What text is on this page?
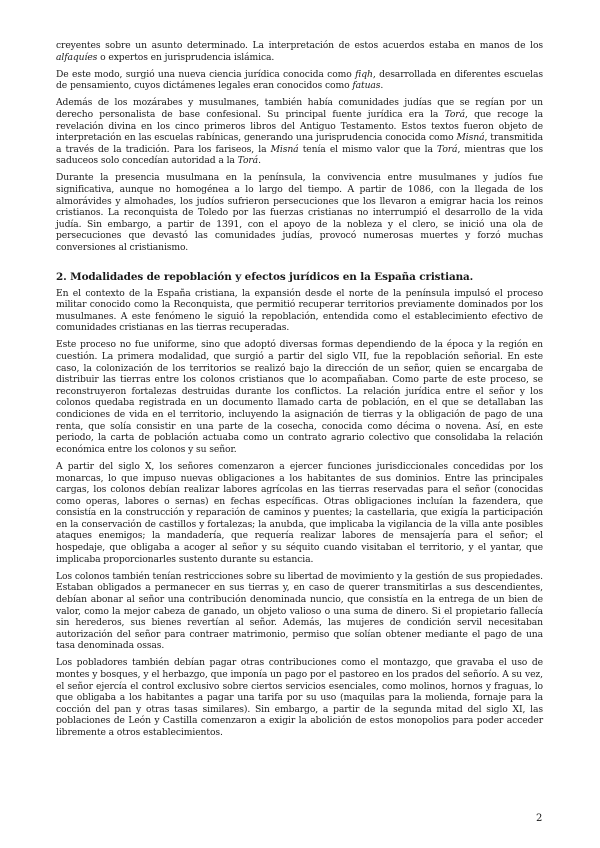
creyentes sobre un asunto determinado. La interpretación de estos acuerdos estaba en manos de los alfaquíes o expertos en jurisprudencia islámica.

De este modo, surgió una nueva ciencia jurídica conocida como fiqh, desarrollada en diferentes escuelas de pensamiento, cuyos dictámenes legales eran conocidos como fatuas.

Además de los mozárabes y musulmanes, también había comunidades judías que se regían por un derecho personalista de base confesional. Su principal fuente jurídica era la Torá, que recoge la revelación divina en los cinco primeros libros del Antiguo Testamento. Estos textos fueron objeto de interpretación en las escuelas rabínicas, generando una jurisprudencia conocida como Misná, transmitida a través de la tradición. Para los fariseos, la Misná tenía el mismo valor que la Torá, mientras que los saduceos solo concedían autoridad a la Torá.

Durante la presencia musulmana en la península, la convivencia entre musulmanes y judíos fue significativa, aunque no homogénea a lo largo del tiempo. A partir de 1086, con la llegada de los almorávides y almohades, los judíos sufrieron persecuciones que los llevaron a emigrar hacia los reinos cristianos. La reconquista de Toledo por las fuerzas cristianas no interrumpió el desarrollo de la vida judía. Sin embargo, a partir de 1391, con el apoyo de la nobleza y el clero, se inició una ola de persecuciones que devastó las comunidades judías, provocó numerosas muertes y forzó muchas conversiones al cristianismo.

2. Modalidades de repoblación y efectos jurídicos en la España cristiana.

En el contexto de la España cristiana, la expansión desde el norte de la península impulsó el proceso militar conocido como la Reconquista, que permitió recuperar territorios previamente dominados por los musulmanes. A este fenómeno le siguió la repoblación, entendida como el establecimiento efectivo de comunidades cristianas en las tierras recuperadas.

Este proceso no fue uniforme, sino que adoptó diversas formas dependiendo de la época y la región en cuestión. La primera modalidad, que surgió a partir del siglo VII, fue la repoblación señorial. En este caso, la colonización de los territorios se realizó bajo la dirección de un señor, quien se encargaba de distribuir las tierras entre los colonos cristianos que lo acompañaban. Como parte de este proceso, se reconstruyeron fortalezas destruidas durante los conflictos. La relación jurídica entre el señor y los colonos quedaba registrada en un documento llamado carta de población, en el que se detallaban las condiciones de vida en el territorio, incluyendo la asignación de tierras y la obligación de pago de una renta, que solía consistir en una parte de la cosecha, conocida como décima o novena. Así, en este periodo, la carta de población actuaba como un contrato agrario colectivo que consolidaba la relación económica entre los colonos y su señor.

A partir del siglo X, los señores comenzaron a ejercer funciones jurisdiccionales concedidas por los monarcas, lo que impuso nuevas obligaciones a los habitantes de sus dominios. Entre las principales cargas, los colonos debían realizar labores agrícolas en las tierras reservadas para el señor (conocidas como operas, labores o sernas) en fechas específicas. Otras obligaciones incluían la fazendera, que consistía en la construcción y reparación de caminos y puentes; la castellaria, que exigía la participación en la conservación de castillos y fortalezas; la anubda, que implicaba la vigilancia de la villa ante posibles ataques enemigos; la mandadería, que requería realizar labores de mensajería para el señor; el hospedaje, que obligaba a acoger al señor y su séquito cuando visitaban el territorio, y el yantar, que implicaba proporcionarles sustento durante su estancia.

Los colonos también tenían restricciones sobre su libertad de movimiento y la gestión de sus propiedades. Estaban obligados a permanecer en sus tierras y, en caso de querer transmitirlas a sus descendientes, debían abonar al señor una contribución denominada nuncio, que consistía en la entrega de un bien de valor, como la mejor cabeza de ganado, un objeto valioso o una suma de dinero. Si el propietario fallecía sin herederos, sus bienes revertían al señor. Además, las mujeres de condición servil necesitaban autorización del señor para contraer matrimonio, permiso que solían obtener mediante el pago de una tasa denominada ossas.

Los pobladores también debían pagar otras contribuciones como el montazgo, que gravaba el uso de montes y bosques, y el herbazgo, que imponía un pago por el pastoreo en los prados del señorío. A su vez, el señor ejercía el control exclusivo sobre ciertos servicios esenciales, como molinos, hornos y fraguas, lo que obligaba a los habitantes a pagar una tarifa por su uso (maquilas para la molienda, fornaje para la cocción del pan y otras tasas similares). Sin embargo, a partir de la segunda mitad del siglo XI, las poblaciones de León y Castilla comenzaron a exigir la abolición de estos monopolios para poder acceder libremente a otros establecimientos.

2
